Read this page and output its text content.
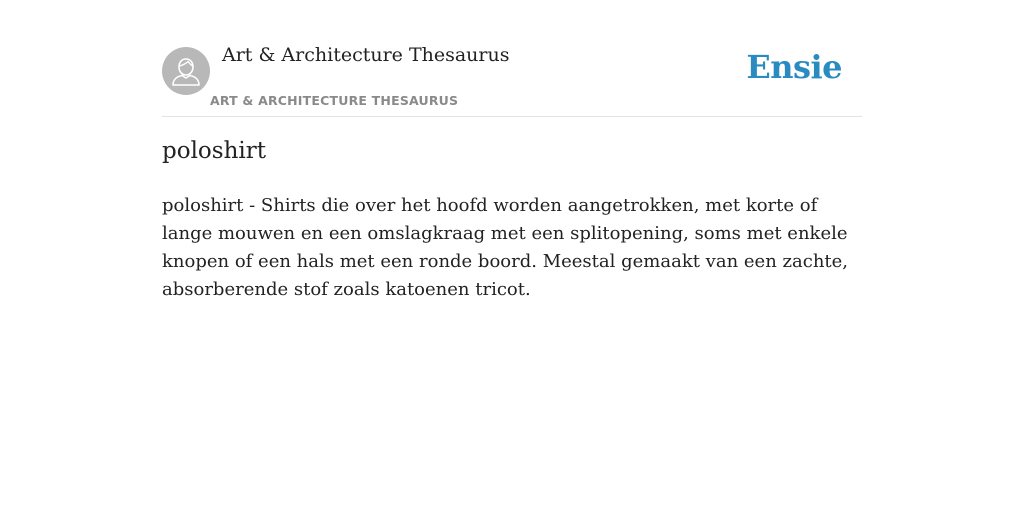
Art & Architecture Thesaurus
ART & ARCHITECTURE THESAURUS
Ensie
poloshirt

poloshirt - Shirts die over het hoofd worden aangetrokken, met korte of lange mouwen en een omslagkraag met een splitopening, soms met enkele knopen of een hals met een ronde boord. Meestal gemaakt van een zachte, absorberende stof zoals katoenen tricot.
